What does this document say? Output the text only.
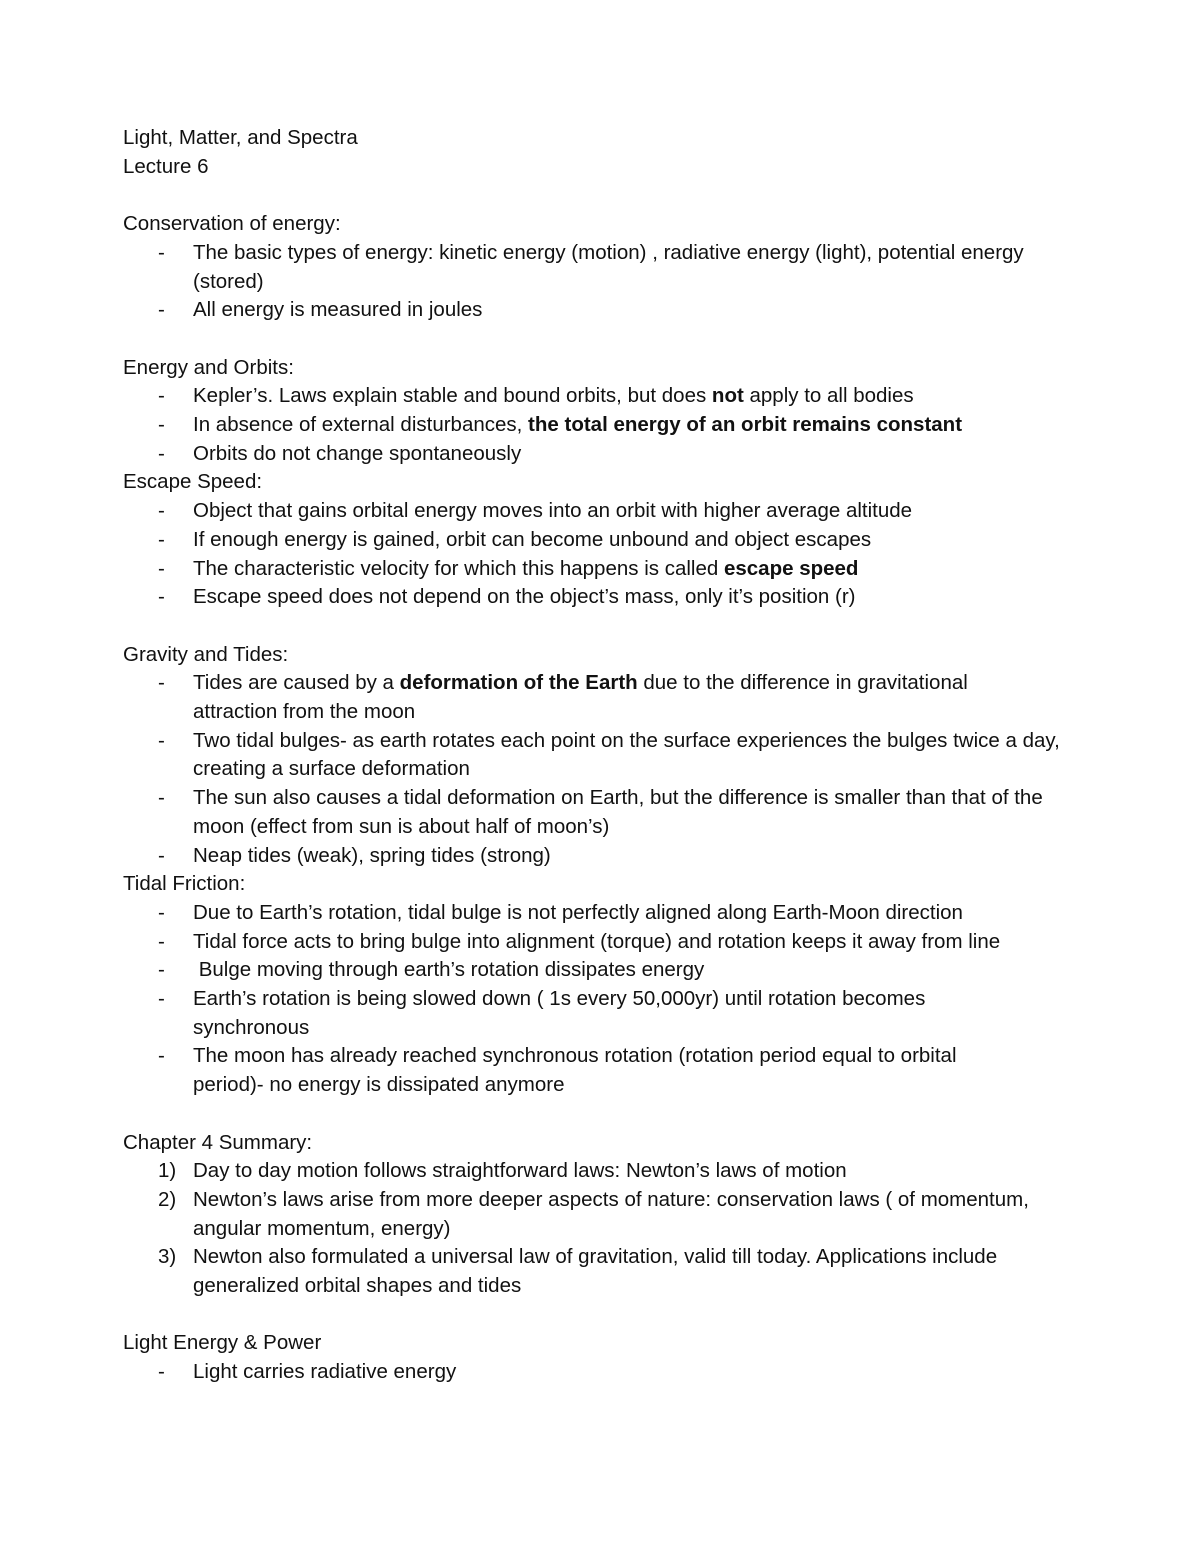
Light, Matter, and Spectra

Lecture 6

Conservation of energy:

-	The basic types of energy: kinetic energy (motion) , radiative energy (light), potential energy (stored)
-	All energy is measured in joules

Energy and Orbits:

-	Kepler’s. Laws explain stable and bound orbits, but does not apply to all bodies
-	In absence of external disturbances, the total energy of an orbit remains constant
-	Orbits do not change spontaneously

Escape Speed:

-	Object that gains orbital energy moves into an orbit with higher average altitude
-	If enough energy is gained, orbit can become unbound and object escapes
-	The characteristic velocity for which this happens is called escape speed
-	Escape speed does not depend on the object’s mass, only it’s position (r)

Gravity and Tides:

-	Tides are caused by a deformation of the Earth due to the difference in gravitational attraction from the moon
-	Two tidal bulges- as earth rotates each point on the surface experiences the bulges twice a day, creating a surface deformation
-	The sun also causes a tidal deformation on Earth, but the difference is smaller than that of the moon (effect from sun is about half of moon’s)
-	Neap tides (weak), spring tides (strong)

Tidal Friction:

-	Due to Earth’s rotation, tidal bulge is not perfectly aligned along Earth-Moon direction
-	Tidal force acts to bring bulge into alignment (torque) and rotation keeps it away from line
-	Bulge moving through earth’s rotation dissipates energy
-	Earth’s rotation is being slowed down ( 1s every 50,000yr) until rotation becomes synchronous
-	The moon has already reached synchronous rotation (rotation period equal to orbital period)- no energy is dissipated anymore

Chapter 4 Summary:

1) Day to day motion follows straightforward laws: Newton’s laws of motion
2) Newton’s laws arise from more deeper aspects of nature: conservation laws ( of momentum, angular momentum, energy)
3) Newton also formulated a universal law of gravitation, valid till today. Applications include generalized orbital shapes and tides

Light Energy & Power

-	Light carries radiative energy
